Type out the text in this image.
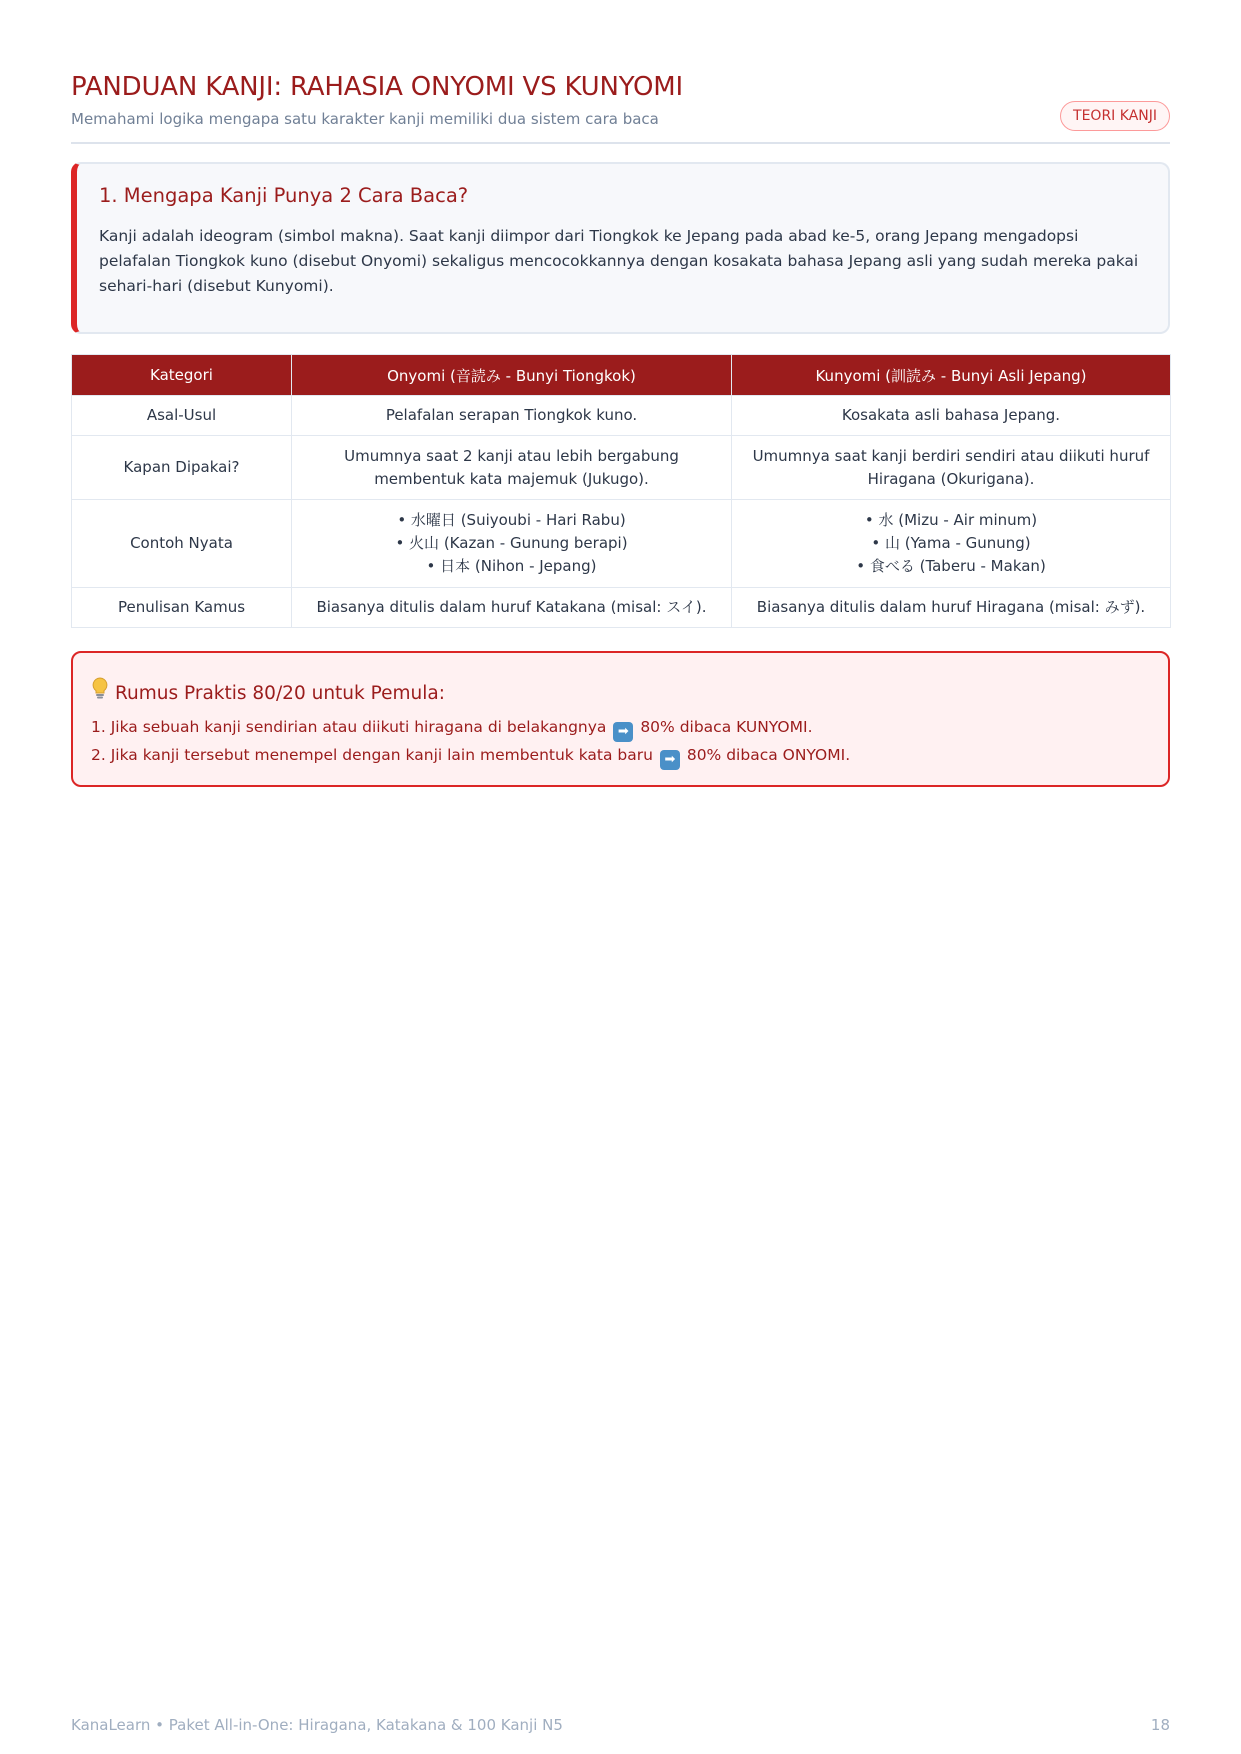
PANDUAN KANJI: RAHASIA ONYOMI VS KUNYOMI
Memahami logika mengapa satu karakter kanji memiliki dua sistem cara baca	TEORI KANJI
1. Mengapa Kanji Punya 2 Cara Baca?

Kanji adalah ideogram (simbol makna). Saat kanji diimpor dari Tiongkok ke Jepang pada abad ke-5, orang Jepang mengadopsi pelafalan Tiongkok kuno (disebut Onyomi) sekaligus mencocokkannya dengan kosakata bahasa Jepang asli yang sudah mereka pakai sehari-hari (disebut Kunyomi).

Kategori	Onyomi (音読み - Bunyi Tiongkok)	Kunyomi (訓読み - Bunyi Asli Jepang)
Asal-Usul	Pelafalan serapan Tiongkok kuno.	Kosakata asli bahasa Jepang.
Kapan Dipakai?	Umumnya saat 2 kanji atau lebih bergabung membentuk kata majemuk (Jukugo).	Umumnya saat kanji berdiri sendiri atau diikuti huruf Hiragana (Okurigana).
Contoh Nyata	• 水曜日 (Suiyoubi - Hari Rabu)
• 火山 (Kazan - Gunung berapi)
• 日本 (Nihon - Jepang)	• 水 (Mizu - Air minum)
• 山 (Yama - Gunung)
• 食べる (Taberu - Makan)

Penulisan Kamus	Biasanya ditulis dalam huruf Katakana (misal: スイ).	Biasanya ditulis dalam huruf Hiragana (misal: みず).
Rumus Praktis 80/20 untuk Pemula:
1. Jika sebuah kanji sendirian atau diikuti hiragana di belakangnya ➡ 80% dibaca KUNYOMI.
2. Jika kanji tersebut menempel dengan kanji lain membentuk kata baru ➡ 80% dibaca ONYOMI.
KanaLearn • Paket All-in-One: Hiragana, Katakana & 100 Kanji N5	18
